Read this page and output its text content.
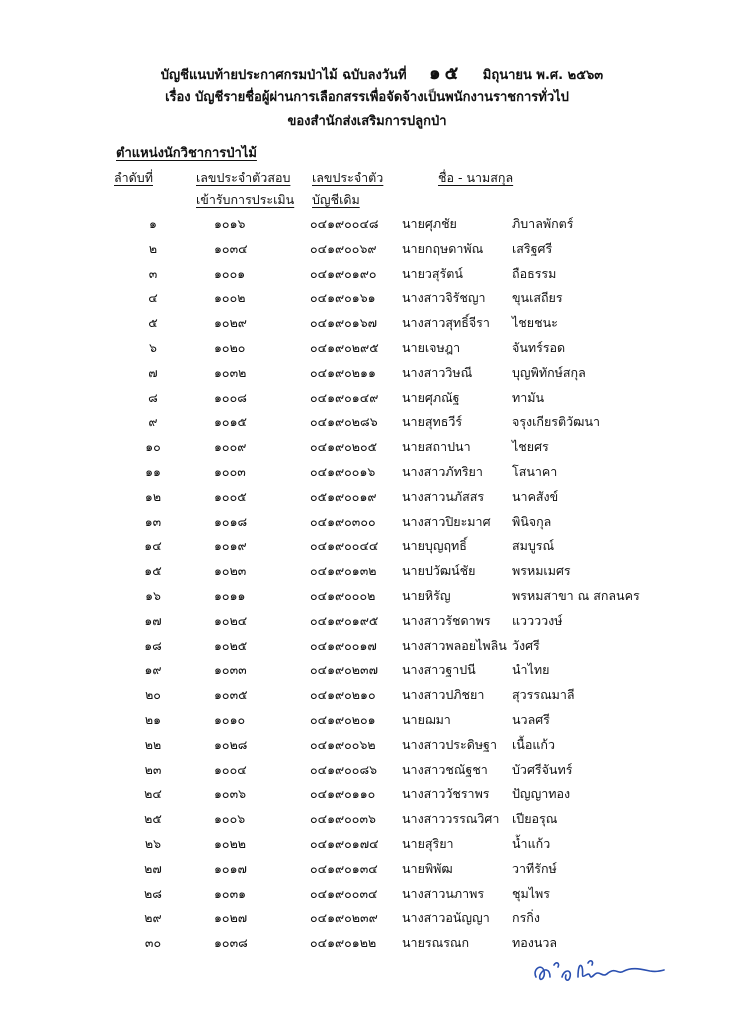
บัญชีแนบท้ายประกาศกรมป่าไม้ ฉบับลงวันที่ ๑๕ มิถุนายน พ.ศ. ๒๕๖๓
เรื่อง บัญชีรายชื่อผู้ผ่านการเลือกสรรเพื่อจัดจ้างเป็นพนักงานราชการทั่วไป
ของสำนักส่งเสริมการปลูกป่า
ตำแหน่งนักวิชาการป่าไม้
ลำดับที่	เลขประจำตัวสอบ
เข้ารับการประเมิน
เลขประจำตัว
บัญชีเดิม
ชื่อ - นามสกุล
๑	๑๐๑๖	๐๔๑๙๐๐๔๘ นายศุภชัย	ภิบาลพักตร์
๒	๑๐๓๔	๐๔๑๙๐๐๖๙ นายกฤษดาพัณ เสริฐศรี
๓	๑๐๐๑	๐๔๑๙๐๑๙๐ นายวสุรัตน์	ถือธรรม
๔	๑๐๐๒	๐๔๑๙๐๑๖๑ นางสาวจิรัชญา ขุนเสถียร
๕	๑๐๒๙	๐๔๑๙๐๑๖๗ นางสาวสุทธิ์จีรา ไชยชนะ
๖	๑๐๒๐	๐๔๑๙๐๒๙๕ นายเจษฎา	จันทร์รอด
๗	๑๐๓๒	๐๔๑๙๐๒๑๑ นางสาววิษณี	บุญพิทักษ์สกุล
๘	๑๐๐๘	๐๔๑๙๐๑๔๙ นายศุภณัฐ	ทามัน
๙	๑๐๑๕	๐๔๑๙๐๒๘๖ นายสุทธวีร์	จรุงเกียรติวัฒนา
๑๐	๑๐๐๙	๐๔๑๙๐๒๐๕ นายสถาปนา	ไชยศร
๑๑	๑๐๐๓	๐๔๑๙๐๐๑๖ นางสาวภัทริยา โสนาคา
๑๒	๑๐๐๕	๐๕๑๙๐๐๑๙ นางสาวนภัสสร นาคสังข์
๑๓	๑๐๑๘	๐๔๑๙๐๓๐๐ นางสาวปิยะมาศ พินิจกุล
๑๔	๑๐๑๙	๐๔๑๙๐๐๔๔ นายบุญฤทธิ์	สมบูรณ์
๑๕	๑๐๒๓	๐๔๑๙๐๑๓๒ นายปวัฒน์ชัย	พรหมเมศร
๑๖	๑๐๑๑	๐๔๑๙๐๐๐๒ นายหิรัญ	พรหมสาขา ณ สกลนคร
๑๗	๑๐๒๔	๐๔๑๙๐๑๙๕ นางสาวรัชดาพร แววววงษ์
๑๘	๑๐๒๕	๐๔๑๙๐๐๑๗ นางสาวพลอยไพลิน วังศรี
๑๙	๑๐๓๓	๐๔๑๙๐๒๓๗ นางสาวฐาปนี	นำไทย
๒๐	๑๐๓๕	๐๔๑๙๐๒๑๐ นางสาวปภิชยา สุวรรณมาลี
๒๑	๑๐๑๐	๐๔๑๙๐๒๐๑ นายฌมา	นวลศรี
๒๒	๑๐๒๘	๐๔๑๙๐๐๖๒ นางสาวประดิษฐา เนื้อแก้ว
๒๓	๑๐๐๔	๐๔๑๙๐๐๘๖ นางสาวชณัฐชา บัวศรีจันทร์
๒๔	๑๐๓๖	๐๔๑๙๐๑๑๐ นางสาววัชราพร ปัญญาทอง
๒๕	๑๐๐๖	๐๔๑๙๐๐๓๖ นางสาววรรณวิศา เปียอรุณ
๒๖	๑๐๒๒	๐๔๑๙๐๑๗๔ นายสุริยา	น้ำแก้ว
๒๗	๑๐๑๗	๐๔๑๙๐๑๓๔ นายพิพัฒ	วาทีรักษ์
๒๘	๑๐๓๑	๐๔๑๙๐๐๓๔ นางสาวนภาพร ชุมไพร
๒๙	๑๐๒๗	๐๔๑๙๐๒๓๙ นางสาวอนัญญา กรกิ่ง
๓๐	๑๐๓๘	๐๔๑๙๐๑๒๒ นายรณรณก	ทองนวล
